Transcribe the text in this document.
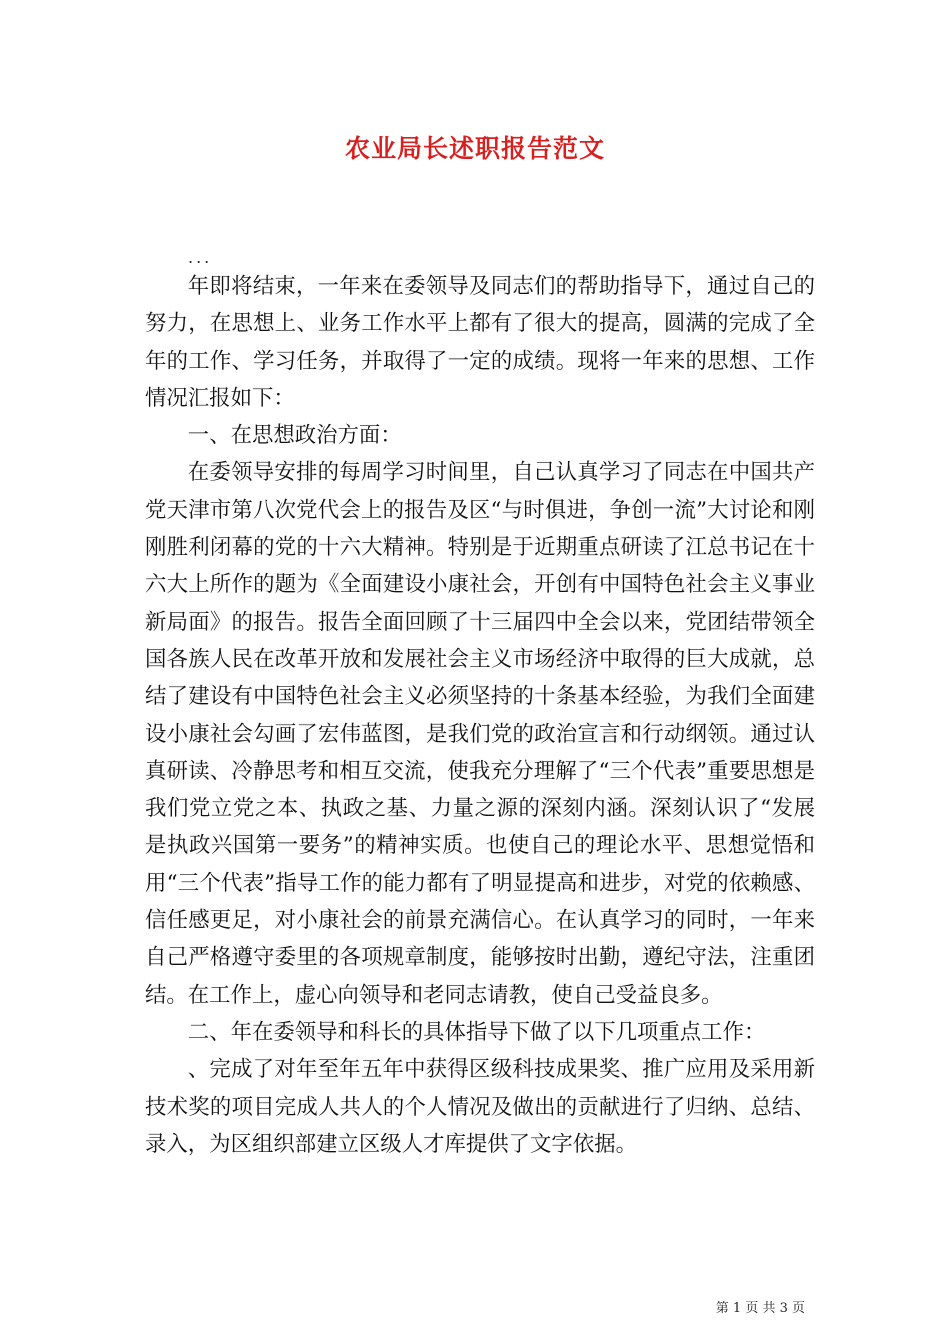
农业局长述职报告范文
...

年即将结束，一年来在委领导及同志们的帮助指导下，通过自己的努力，在思想上、业务工作水平上都有了很大的提高，圆满的完成了全年的工作、学习任务，并取得了一定的成绩。现将一年来的思想、工作情况汇报如下：

一、在思想政治方面：

在委领导安排的每周学习时间里，自己认真学习了同志在中国共产党天津市第八次党代会上的报告及区“与时俱进，争创一流”大讨论和刚刚胜利闭幕的党的十六大精神。特别是于近期重点研读了江总书记在十六大上所作的题为《全面建设小康社会，开创有中国特色社会主义事业新局面》的报告。报告全面回顾了十三届四中全会以来，党团结带领全国各族人民在改革开放和发展社会主义市场经济中取得的巨大成就，总结了建设有中国特色社会主义必须坚持的十条基本经验，为我们全面建设小康社会勾画了宏伟蓝图，是我们党的政治宣言和行动纲领。通过认真研读、冷静思考和相互交流，使我充分理解了“三个代表”重要思想是我们党立党之本、执政之基、力量之源的深刻内涵。深刻认识了“发展是执政兴国第一要务”的精神实质。也使自己的理论水平、思想觉悟和用“三个代表”指导工作的能力都有了明显提高和进步，对党的依赖感、信任感更足，对小康社会的前景充满信心。在认真学习的同时，一年来自己严格遵守委里的各项规章制度，能够按时出勤，遵纪守法，注重团结。在工作上，虚心向领导和老同志请教，使自己受益良多。

二、年在委领导和科长的具体指导下做了以下几项重点工作：

、完成了对年至年五年中获得区级科技成果奖、推广应用及采用新技术奖的项目完成人共人的个人情况及做出的贡献进行了归纳、总结、录入，为区组织部建立区级人才库提供了文字依据。

第 1 页 共 3 页
